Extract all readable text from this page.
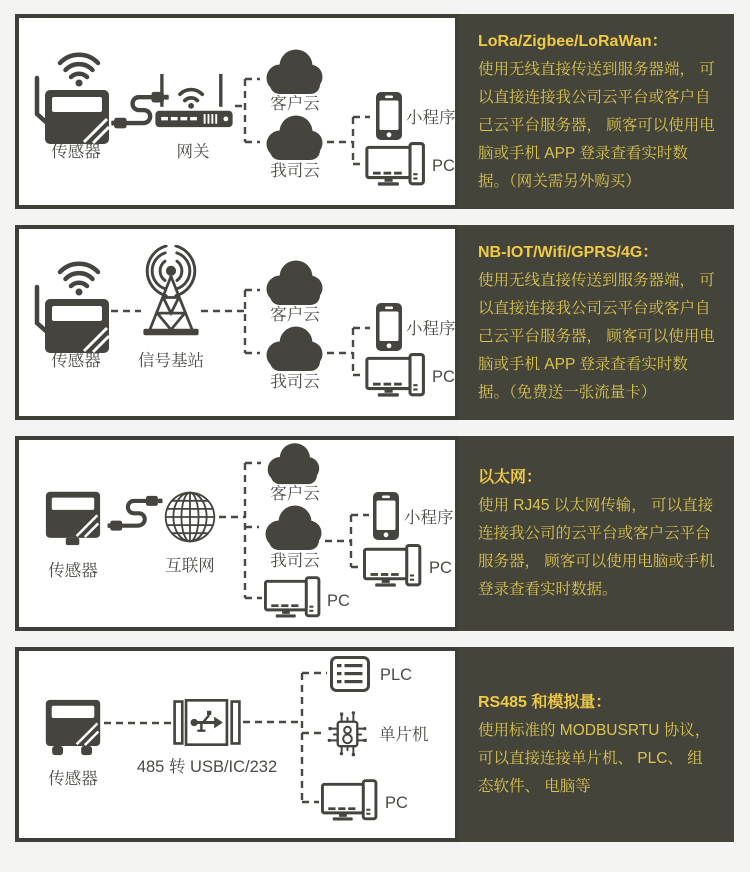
传感器	网关
客户云
我司云
小程序
PC
LoRa/Zigbee/LoRaWan：
使用无线直接传送到服务器端， 可以直接连接我公司云平台或客户自己云平台服务器， 顾客可以使用电脑或手机 APP 登录查看实时数据。（网关需另外购买）
传感器 信号基站
客户云
我司云
小程序
PC
NB-IOT/Wifi/GPRS/4G：
使用无线直接传送到服务器端， 可以直接连接我公司云平台或客户自己云平台服务器， 顾客可以使用电脑或手机 APP 登录查看实时数据。（免费送一张流量卡）
传感器	互联网
客户云
我司云
PC
小程序
PC
以太网：
使用 RJ45 以太网传输， 可以直接连接我公司的云平台或客户云平台服务器， 顾客可以使用电脑或手机登录查看实时数据。
传感器
485 转 USB/IC/232
PLC
单片机
PC
RS485 和模拟量：
使用标准的 MODBUSRTU 协议， 可以直接连接单片机、 PLC、 组态软件、 电脑等
